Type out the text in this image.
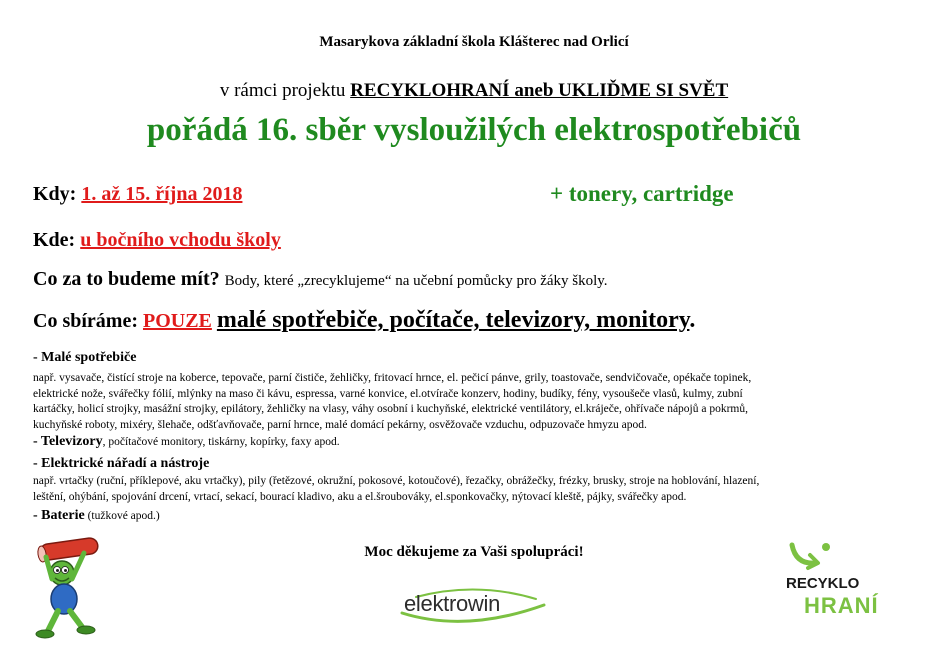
Masarykova základní škola Klášterec nad Orlicí
v rámci projektu RECYKLOHRANÍ aneb UKLIĎME SI SVĚT
pořádá 16. sběr vysloužilých elektrospotřebičů
Kdy: 1. až 15. října 2018	+ tonery, cartridge
Kde: u bočního vchodu školy
Co za to budeme mít? Body, které „zrecyklujeme“ na učební pomůcky pro žáky školy.
Co sbíráme: POUZE malé spotřebiče, počítače, televizory, monitory.
- Malé spotřebiče
např. vysavače, čistící stroje na koberce, tepovače, parní čističe, žehličky, fritovací hrnce, el. pečicí pánve, grily, toastovače, sendvičovače, opékače topinek,
elektrické nože, svářečky fólií, mlýnky na maso či kávu, espressa, varné konvice, el.otvírače konzerv, hodiny, budíky, fény, vysoušeče vlasů, kulmy, zubní
kartáčky, holicí strojky, masážní strojky, epilátory, žehličky na vlasy, váhy osobní i kuchyňské, elektrické ventilátory, el.kráječe, ohřívače nápojů a pokrmů,
kuchyňské roboty, mixéry, šlehače, odšťavňovače, parní hrnce, malé domácí pekárny, osvěžovače vzduchu, odpuzovače hmyzu apod.
- Televizory, počítačové monitory, tiskárny, kopírky, faxy apod.
- Elektrické nářadí a nástroje
např. vrtačky (ruční, příklepové, aku vrtačky), pily (řetězové, okružní, pokosové, kotoučové), řezačky, obrážečky, frézky, brusky, stroje na hoblování, hlazení,
leštění, ohýbání, spojování drcení, vrtací, sekací, bourací kladivo, aku a el.šroubováky, el.sponkovačky, nýtovací kleště, pájky, svářečky apod.
- Baterie (tužkové apod.)
Moc děkujeme za Vaši spolupráci!
elektrowin
RECYKLO
HRANÍ
